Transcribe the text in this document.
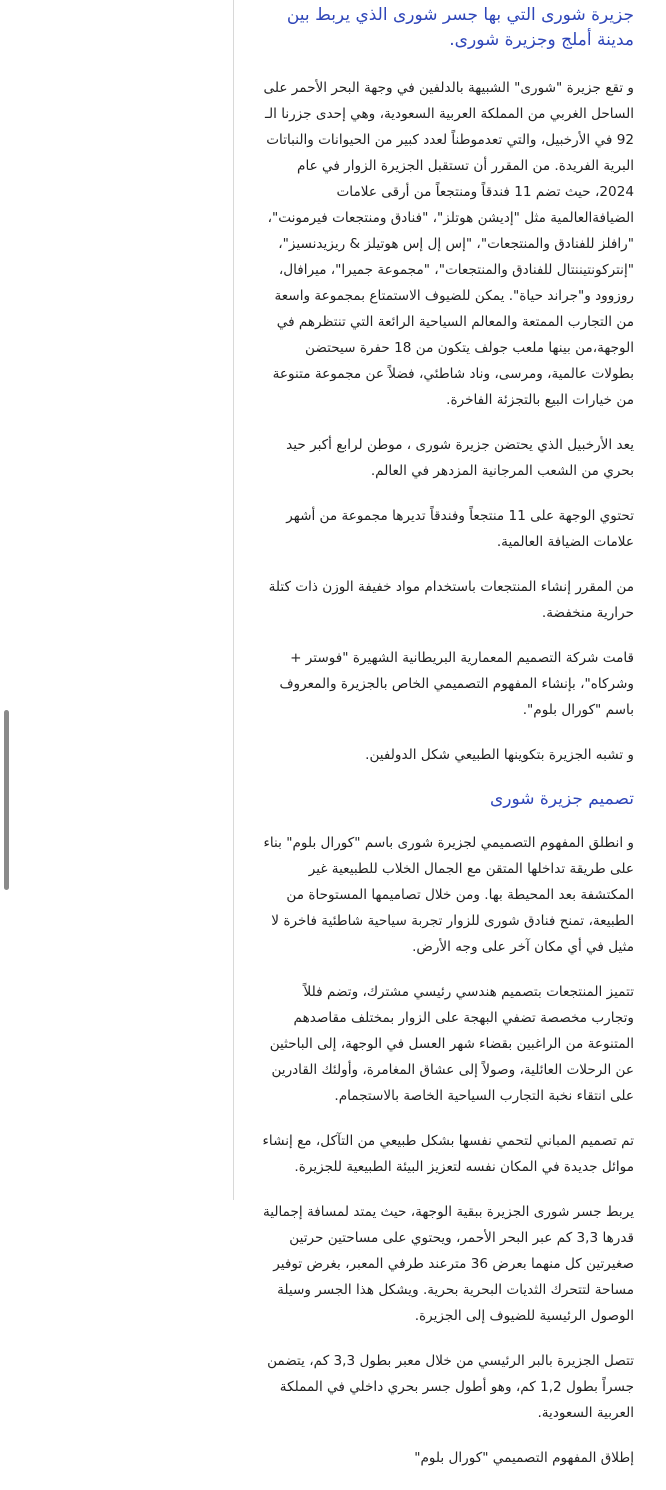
جزيرة شورى التي بها جسر شورى الذي يربط بين مدينة أملج وجزيرة شورى.

و تقع جزيرة "شورى" الشبيهة بالدلفين في وجهة البحر الأحمر على الساحل الغربي من المملكة العربية السعودية، وهي إحدى جزرنا الـ 92 في الأرخبيل، والتي تعدموطناً لعدد كبير من الحيوانات والنباتات البرية الفريدة. من المقرر أن تستقبل الجزيرة الزوار في عام 2024، حيث تضم 11 فندقاً ومنتجعاً من أرقى علامات الضيافةالعالمية مثل "إديشن هوتلز"، "فنادق ومنتجعات فيرمونت"، "رافلز للفنادق والمنتجعات"، "إس إل إس هوتيلز & ريزيدنسيز"، "إنتركونتيننتال للفنادق والمنتجعات"، "مجموعة جميرا"، ميرافال، روزوود و"جراند حياة". يمكن للضيوف الاستمتاع بمجموعة واسعة من التجارب الممتعة والمعالم السياحية الرائعة التي تنتظرهم في الوجهة،من بينها ملعب جولف يتكون من 18 حفرة سيحتضن بطولات عالمية، ومرسى، وناد شاطئي، فضلاً عن مجموعة متنوعة من خيارات البيع بالتجزئة الفاخرة.

يعد الأرخبيل الذي يحتضن جزيرة شورى ، موطن لرابع أكبر حيد بحري من الشعب المرجانية المزدهر في العالم.

تحتوي الوجهة على 11 منتجعاً وفندقاً تديرها مجموعة من أشهر علامات الضيافة العالمية.

من المقرر إنشاء المنتجعات باستخدام مواد خفيفة الوزن ذات كتلة حرارية منخفضة.

قامت شركة التصميم المعمارية البريطانية الشهيرة "فوستر + وشركاه"، بإنشاء المفهوم التصميمي الخاص بالجزيرة والمعروف باسم "كورال بلوم".

و تشبه الجزيرة بتكوينها الطبيعي شكل الدولفين.

تصميم جزيرة شورى

و انطلق المفهوم التصميمي لجزيرة شورى باسم "كورال بلوم" بناء على طريقة تداخلها المتقن مع الجمال الخلاب للطبيعية غير المكتشفة بعد المحيطة بها. ومن خلال تصاميمها المستوحاة من الطبيعة، تمنح فنادق شورى للزوار تجربة سياحية شاطئية فاخرة لا مثيل في أي مكان آخر على وجه الأرض.

تتميز المنتجعات بتصميم هندسي رئيسي مشترك، وتضم فللاً وتجارب مخصصة تضفي البهجة على الزوار بمختلف مقاصدهم المتنوعة من الراغبين بقضاء شهر العسل في الوجهة، إلى الباحثين عن الرحلات العائلية، وصولاً إلى عشاق المغامرة، وأولئك القادرين على انتقاء نخبة التجارب السياحية الخاصة بالاستجمام.

تم تصميم المباني لتحمي نفسها بشكل طبيعي من التآكل، مع إنشاء موائل جديدة في المكان نفسه لتعزيز البيئة الطبيعية للجزيرة.

يربط جسر شورى الجزيرة ببقية الوجهة، حيث يمتد لمسافة إجمالية قدرها 3,3 كم عبر البحر الأحمر، ويحتوي على مساحتين حرتين صغيرتين كل منهما بعرض 36 مترعند طرفي المعبر، بغرض توفير مساحة لتتحرك الثديات البحرية بحرية. ويشكل هذا الجسر وسيلة الوصول الرئيسية للضيوف إلى الجزيرة.

تتصل الجزيرة بالبر الرئيسي من خلال معبر بطول 3,3 كم، يتضمن جسراً بطول 1,2 كم، وهو أطول جسر بحري داخلي في المملكة العربية السعودية.

إطلاق المفهوم التصميمي "كورال بلوم"
